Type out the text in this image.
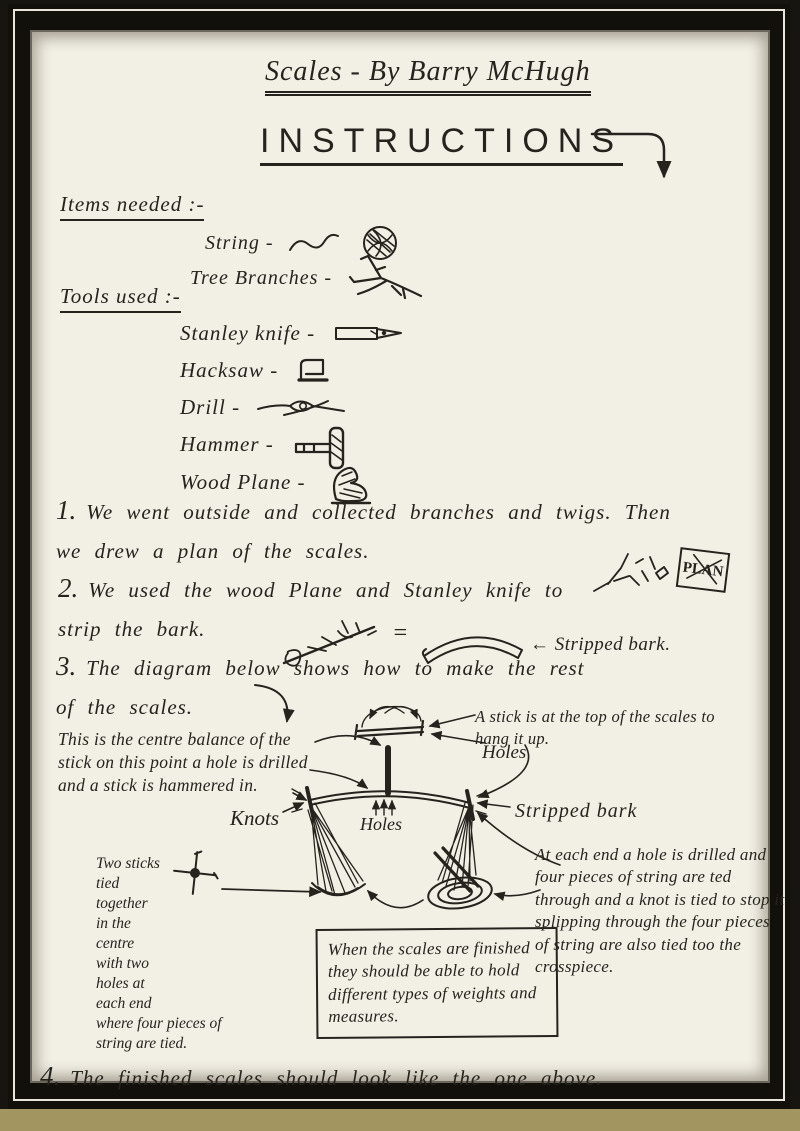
Scales - By Barry McHugh
INSTRUCTIONS
Items needed :-
String -
Tree Branches -
Tools used :-
Stanley knife -
Hacksaw -
Drill -
Hammer -
Wood Plane -
1. We went outside and collected branches and twigs. Then we drew a plan of the scales.
PLAN
2. We used the wood Plane and Stanley knife to strip the bark.	=	← Stripped bark.
3. The diagram below shows how to make the rest of the scales.
This is the centre balance of the stick on this point a hole is drilled and a stick is hammered in.
Knots
A stick is at the top of the scales to hang it up.
Holes
Stripped bark
Holes
Two sticks
tied
together
in the
centre
with two
holes at
each end
where four pieces of
string are tied.
When the scales are finished they should be able to hold different types of weights and measures.
At each end a hole is drilled and four pieces of string are ted through and a knot is tied to stop it splipping through the four pieces of string are also tied too the crosspiece.
4. The finished scales should look like the one above.
